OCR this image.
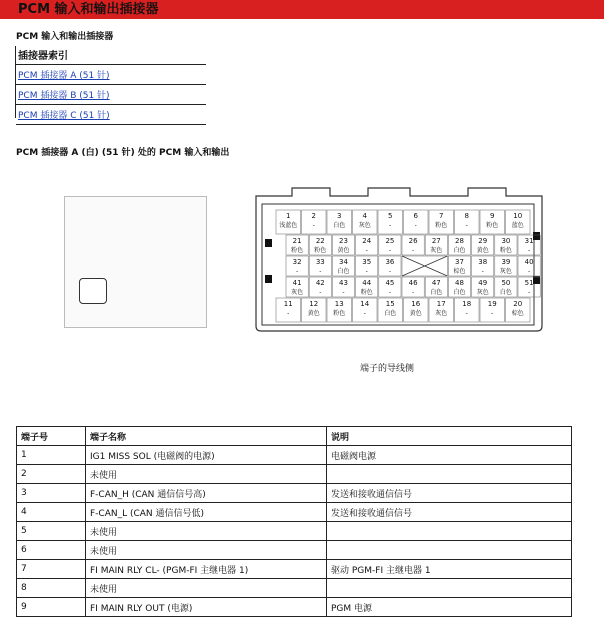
PCM 输入和输出插接器
PCM 输入和输出插接器
插接器索引
PCM 插接器 A (51 针)
PCM 插接器 B (51 针)
PCM 插接器 C (51 针)
PCM 插接器 A (白) (51 针) 处的 PCM 输入和输出
1
浅蓝色
2
-
3
白色
4
灰色
5
-
6
-
7
粉色
8
-
9
粉色
10
蓝色
21
粉色
22
粉色
23
黄色
24
-
25
-
26
-
27
灰色
28
白色
29
黄色
30
粉色
31
-
32
-
33
-
34
白色
35
-
36
-
37
棕色
38
-
39
灰色
40
-
41
灰色
42
-
43
-
44
粉色
45
-
46
-
47
白色
48
白色
49
灰色
50
白色
51
-
11
-
12
黄色
13
粉色
14
-
15
白色
16
黄色
17
灰色
18
-
19
-
20
棕色
端子的导线侧
端子号	端子名称	说明
1	IG1 MISS SOL (电磁阀的电源)	电磁阀电源
2	未使用	
3	F-CAN_H (CAN 通信信号高)	发送和接收通信信号
4	F-CAN_L (CAN 通信信号低)	发送和接收通信信号
5	未使用	
6	未使用	
7	FI MAIN RLY CL- (PGM-FI 主继电器 1)	驱动 PGM-FI 主继电器 1
8	未使用	
9	FI MAIN RLY OUT (电源)	PGM 电源
